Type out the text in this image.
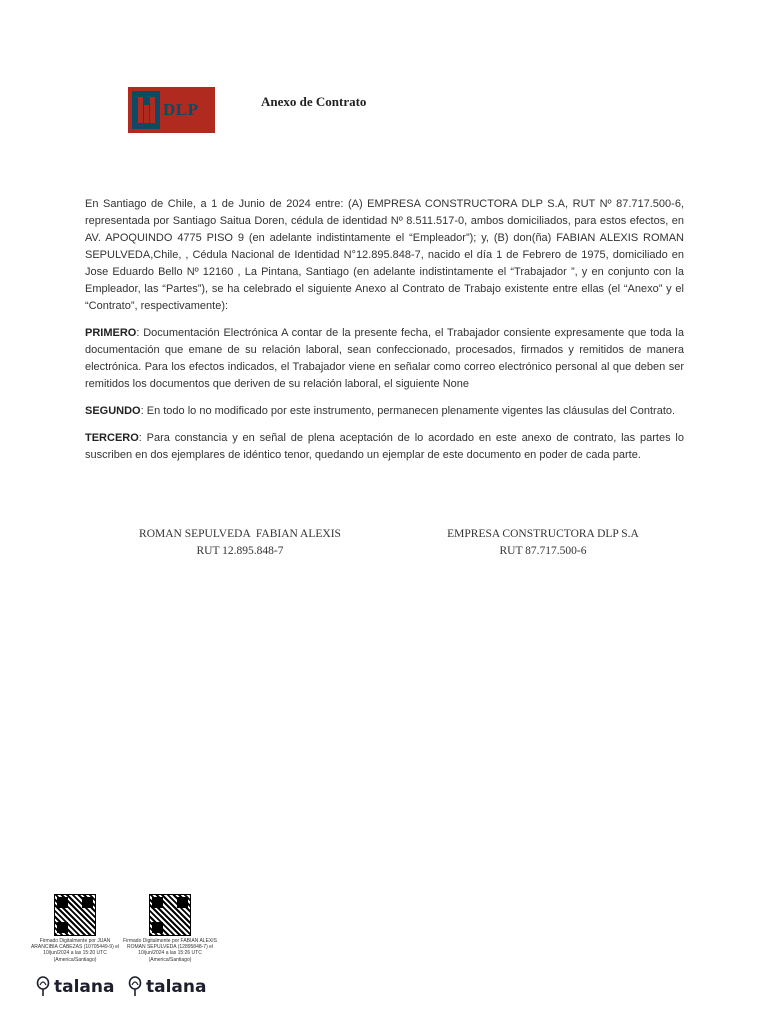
DLP	Anexo de Contrato

En Santiago de Chile, a 1 de Junio de 2024 entre: (A) EMPRESA CONSTRUCTORA DLP S.A, RUT Nº 87.717.500-6, representada por Santiago Saitua Doren, cédula de identidad Nº 8.511.517-0, ambos domiciliados, para estos efectos, en AV. APOQUINDO 4775 PISO 9 (en adelante indistintamente el “Empleador”); y, (B) don(ña) FABIAN ALEXIS ROMAN SEPULVEDA,Chile, , Cédula Nacional de Identidad N°12.895.848-7, nacido el día 1 de Febrero de 1975, domiciliado en Jose Eduardo Bello Nº 12160 , La Pintana, Santiago (en adelante indistintamente el “Trabajador ”, y en conjunto con la Empleador, las “Partes”), se ha celebrado el siguiente Anexo al Contrato de Trabajo existente entre ellas (el “Anexo” y el “Contrato”, respectivamente):

PRIMERO: Documentación Electrónica A contar de la presente fecha, el Trabajador consiente expresamente que toda la documentación que emane de su relación laboral, sean confeccionado, procesados, firmados y remitidos de manera electrónica. Para los efectos indicados, el Trabajador viene en señalar como correo electrónico personal al que deben ser remitidos los documentos que deriven de su relación laboral, el siguiente None

SEGUNDO: En todo lo no modificado por este instrumento, permanecen plenamente vigentes las cláusulas del Contrato.

TERCERO: Para constancia y en señal de plena aceptación de lo acordado en este anexo de contrato, las partes lo suscriben en dos ejemplares de idéntico tenor, quedando un ejemplar de este documento en poder de cada parte.

ROMAN SEPULVEDA  FABIAN ALEXIS
RUT 12.895.848-7
EMPRESA CONSTRUCTORA DLP S.A
RUT 87.717.500-6
Firmado Digitalmente por JUAN ARANCIBIA CABEZAS (10705449-9) el 10/jun/2024 a las 15:20 UTC (America/Santiago)
Firmado Digitalmente por FABIAN ALEXIS ROMAN SEPULVEDA (12895848-7) el 10/jun/2024 a las 15:26 UTC (America/Santiago)
talana talana
